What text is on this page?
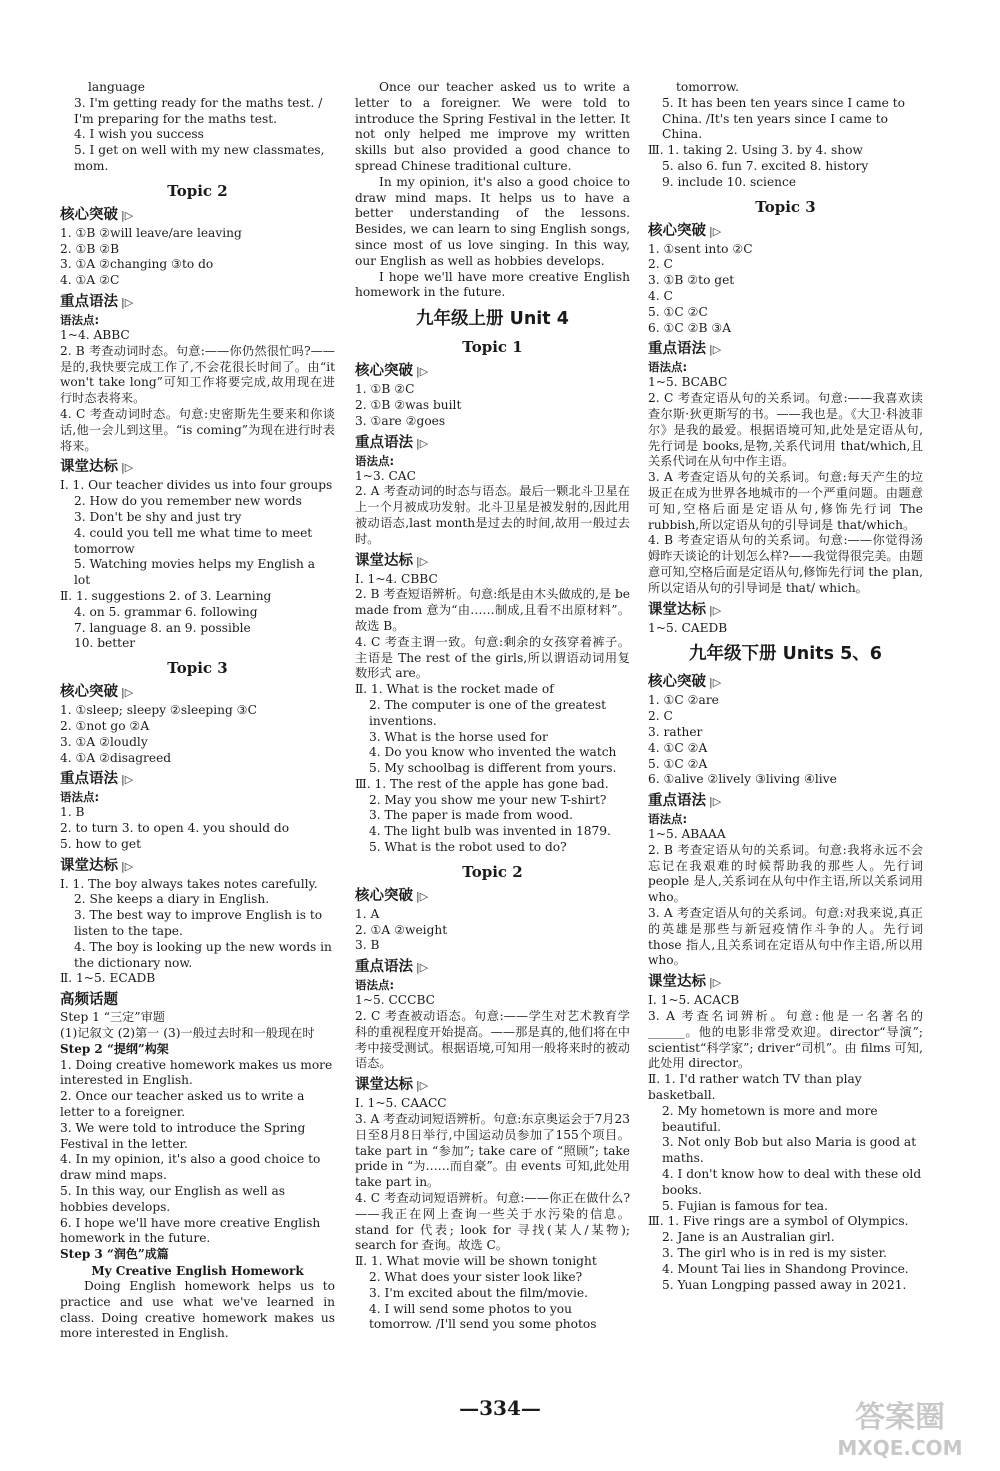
language
3. I'm getting ready for the maths test. / I'm preparing for the maths test.
4. I wish you success
5. I get on well with my new classmates, mom.
Topic 2
核心突破 |▷
1. ①B ②will leave/are leaving
2. ①B ②B
3. ①A ②changing ③to do
4. ①A ②C
重点语法 |▷
语法点:
1~4. ABBC
2. B 考查动词时态。句意:——你仍然很忙吗?——是的,我快要完成工作了,不会花很长时间了。由“it won't take long”可知工作将要完成,故用现在进行时态表将来。
4. C 考查动词时态。句意:史密斯先生要来和你谈话,他一会儿到这里。“is coming”为现在进行时表将来。
课堂达标 |▷
Ⅰ. 1. Our teacher divides us into four groups
2. How do you remember new words
3. Don't be shy and just try
4. could you tell me what time to meet tomorrow
5. Watching movies helps my English a lot
Ⅱ. 1. suggestions 2. of 3. Learning
4. on 5. grammar 6. following
7. language 8. an 9. possible
10. better
Topic 3
核心突破 |▷
1. ①sleep; sleepy ②sleeping ③C
2. ①not go ②A
3. ①A ②loudly
4. ①A ②disagreed
重点语法 |▷
语法点:
1. B
2. to turn 3. to open 4. you should do
5. how to get
课堂达标 |▷
Ⅰ. 1. The boy always takes notes carefully.
2. She keeps a diary in English.
3. The best way to improve English is to listen to the tape.
4. The boy is looking up the new words in the dictionary now.
Ⅱ. 1~5. ECADB
高频话题
Step 1 “三定”审题
(1)记叙文 (2)第一 (3)一般过去时和一般现在时
Step 2 “提纲”构架
1. Doing creative homework makes us more interested in English.
2. Once our teacher asked us to write a letter to a foreigner.
3. We were told to introduce the Spring Festival in the letter.
4. In my opinion, it's also a good choice to draw mind maps.
5. In this way, our English as well as hobbies develops.
6. I hope we'll have more creative English homework in the future.
Step 3 “润色”成篇
My Creative English Homework
Doing English homework helps us to practice and use what we've learned in class. Doing creative homework makes us more interested in English.
Once our teacher asked us to write a letter to a foreigner. We were told to introduce the Spring Festival in the letter. It not only helped me improve my written skills but also provided a good chance to spread Chinese traditional culture.
In my opinion, it's also a good choice to draw mind maps. It helps us to have a better understanding of the lessons. Besides, we can learn to sing English songs, since most of us love singing. In this way, our English as well as hobbies develops.
I hope we'll have more creative English homework in the future.
九年级上册 Unit 4
Topic 1
核心突破 |▷
1. ①B ②C
2. ①B ②was built
3. ①are ②goes
重点语法 |▷
语法点:
1~3. CAC
2. A 考查动词的时态与语态。最后一颗北斗卫星在上一个月被成功发射。北斗卫星是被发射的,因此用被动语态,last month是过去的时间,故用一般过去时。
课堂达标 |▷
Ⅰ. 1~4. CBBC
2. B 考查短语辨析。句意:纸是由木头做成的,是 be made from 意为“由……制成,且看不出原材料”。故选 B。
4. C 考查主谓一致。句意:剩余的女孩穿着裤子。主语是 The rest of the girls,所以谓语动词用复数形式 are。
Ⅱ. 1. What is the rocket made of
2. The computer is one of the greatest inventions.
3. What is the horse used for
4. Do you know who invented the watch
5. My schoolbag is different from yours.
Ⅲ. 1. The rest of the apple has gone bad.
2. May you show me your new T-shirt?
3. The paper is made from wood.
4. The light bulb was invented in 1879.
5. What is the robot used to do?
Topic 2
核心突破 |▷
1. A
2. ①A ②weight
3. B
重点语法 |▷
语法点:
1~5. CCCBC
2. C 考查被动语态。句意:——学生对艺术教育学科的重视程度开始提高。——那是真的,他们将在中考中接受测试。根据语境,可知用一般将来时的被动语态。
课堂达标 |▷
Ⅰ. 1~5. CAACC
3. A 考查动词短语辨析。句意:东京奥运会于7月23日至8月8日举行,中国运动员参加了155个项目。take part in “参加”; take care of “照顾”; take pride in “为……而自豪”。由 events 可知,此处用 take part in。
4. C 考查动词短语辨析。句意:——你正在做什么?——我正在网上查询一些关于水污染的信息。stand for 代表; look for 寻找(某人/某物); search for 查询。故选 C。
Ⅱ. 1. What movie will be shown tonight
2. What does your sister look like?
3. I'm excited about the film/movie.
4. I will send some photos to you tomorrow. /I'll send you some photos
tomorrow.
5. It has been ten years since I came to China. /It's ten years since I came to China.
Ⅲ. 1. taking 2. Using 3. by 4. show
5. also 6. fun 7. excited 8. history
9. include 10. science
Topic 3
核心突破 |▷
1. ①sent into ②C
2. C
3. ①B ②to get
4. C
5. ①C ②C
6. ①C ②B ③A
重点语法 |▷
语法点:
1~5. BCABC
2. C 考查定语从句的关系词。句意:——我喜欢读查尔斯·狄更斯写的书。——我也是。《大卫·科波菲尔》是我的最爱。根据语境可知,此处是定语从句,先行词是 books,是物,关系代词用 that/which,且关系代词在从句中作主语。
3. A 考查定语从句的关系词。句意:每天产生的垃圾正在成为世界各地城市的一个严重问题。由题意可知,空格后面是定语从句,修饰先行词 The rubbish,所以定语从句的引导词是 that/which。
4. B 考查定语从句的关系词。句意:——你觉得汤姆昨天谈论的计划怎么样?——我觉得很完美。由题意可知,空格后面是定语从句,修饰先行词 the plan,所以定语从句的引导词是 that/ which。
课堂达标 |▷
1~5. CAEDB
九年级下册 Units 5、6
核心突破 |▷
1. ①C ②are
2. C
3. rather
4. ①C ②A
5. ①C ②A
6. ①alive ②lively ③living ④live
重点语法 |▷
语法点:
1~5. ABAAA
2. B 考查定语从句的关系词。句意:我将永远不会忘记在我艰难的时候帮助我的那些人。先行词 people 是人,关系词在从句中作主语,所以关系词用 who。
3. A 考查定语从句的关系词。句意:对我来说,真正的英雄是那些与新冠疫情作斗争的人。先行词 those 指人,且关系词在定语从句中作主语,所以用 who。
课堂达标 |▷
Ⅰ. 1~5. ACACB
3. A 考查名词辨析。句意:他是一名著名的______。他的电影非常受欢迎。director“导演”; scientist“科学家”; driver“司机”。由 films 可知,此处用 director。
Ⅱ. 1. I'd rather watch TV than play basketball.
2. My hometown is more and more beautiful.
3. Not only Bob but also Maria is good at maths.
4. I don't know how to deal with these old books.
5. Fujian is famous for tea.
Ⅲ. 1. Five rings are a symbol of Olympics.
2. Jane is an Australian girl.
3. The girl who is in red is my sister.
4. Mount Tai lies in Shandong Province.
5. Yuan Longping passed away in 2021.
—334—	答案圈
MXQE.COM
